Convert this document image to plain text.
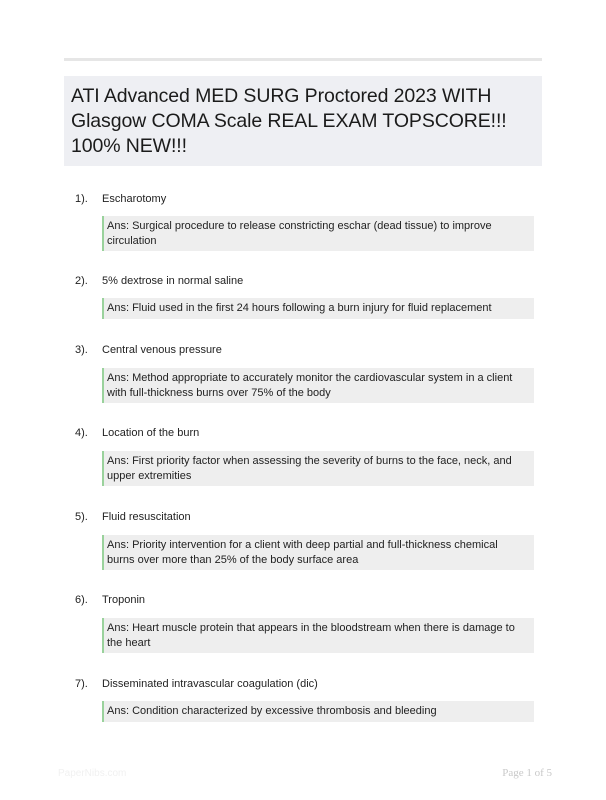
ATI Advanced MED SURG Proctored 2023 WITH Glasgow COMA Scale REAL EXAM TOPSCORE!!! 100% NEW!!!
1). Escharotomy
Ans: Surgical procedure to release constricting eschar (dead tissue) to improve circulation
2). 5% dextrose in normal saline
Ans: Fluid used in the first 24 hours following a burn injury for fluid replacement
3). Central venous pressure
Ans: Method appropriate to accurately monitor the cardiovascular system in a client with full-thickness burns over 75% of the body
4). Location of the burn
Ans: First priority factor when assessing the severity of burns to the face, neck, and upper extremities
5). Fluid resuscitation
Ans: Priority intervention for a client with deep partial and full-thickness chemical burns over more than 25% of the body surface area
6). Troponin
Ans: Heart muscle protein that appears in the bloodstream when there is damage to the heart
7). Disseminated intravascular coagulation (dic)
Ans: Condition characterized by excessive thrombosis and bleeding
PaperNibs.com	Page 1 of 5
